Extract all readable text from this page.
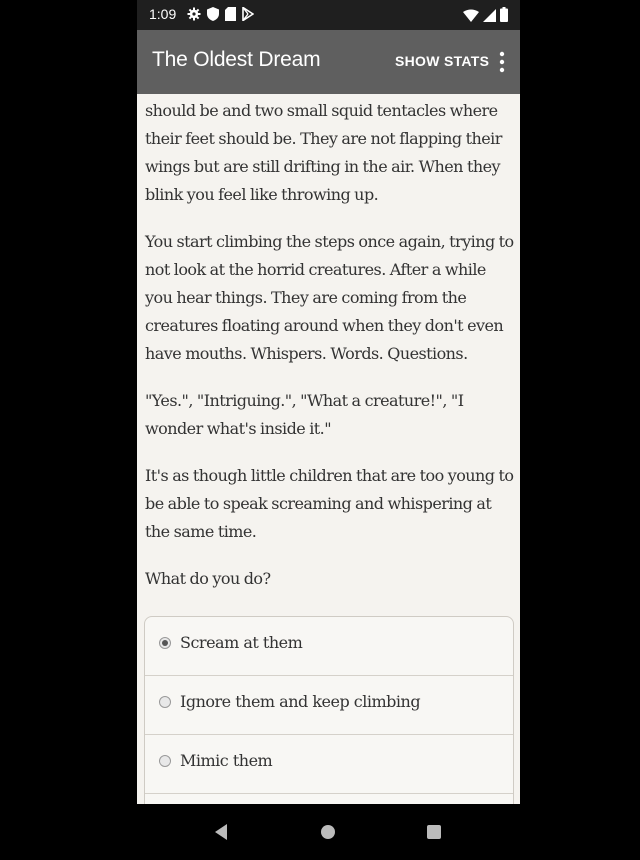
1:09
The Oldest Dream	SHOW STATS

should be and two small squid tentacles where their feet should be. They are not flapping their wings but are still drifting in the air. When they blink you feel like throwing up.

You start climbing the steps once again, trying to not look at the horrid creatures. After a while you hear things. They are coming from the creatures floating around when they don't even have mouths. Whispers. Words. Questions.

"Yes.", "Intriguing.", "What a creature!", "I wonder what's inside it."

It's as though little children that are too young to be able to speak screaming and whispering at the same time.

What do you do?

Scream at them
Ignore them and keep climbing
Mimic them
